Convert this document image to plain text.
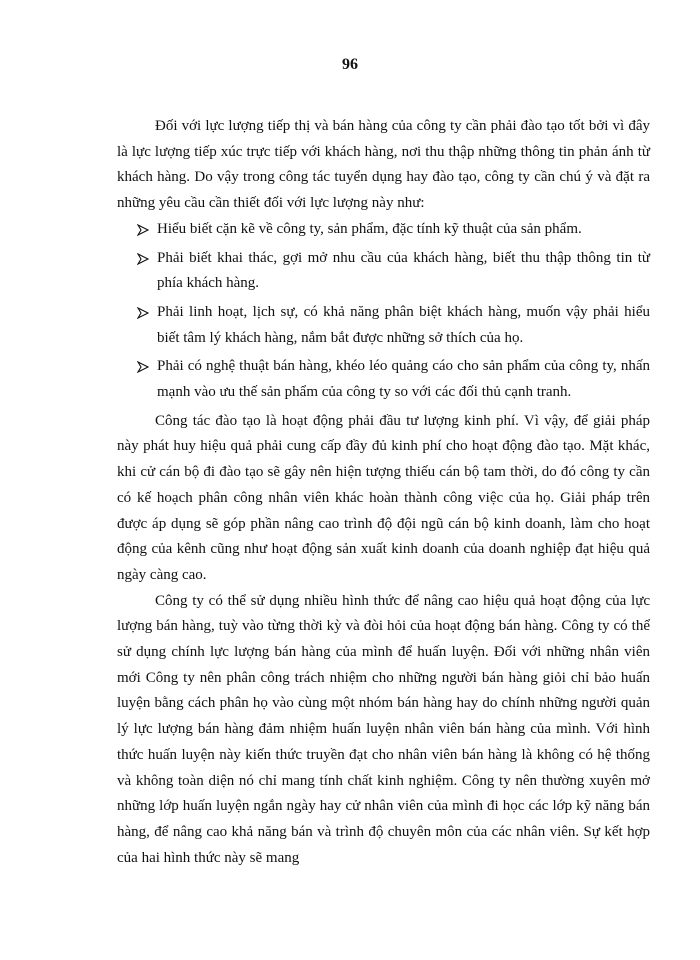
96

Đối với lực lượng tiếp thị và bán hàng của công ty cần phải đào tạo tốt bởi vì đây là lực lượng tiếp xúc trực tiếp với khách hàng, nơi thu thập những thông tin phản ánh từ khách hàng. Do vậy trong công tác tuyển dụng hay đào tạo, công ty cần chú ý và đặt ra những yêu cầu cần thiết đối với lực lượng này như:

Hiểu biết cặn kẽ về công ty, sản phẩm, đặc tính kỹ thuật của sản phẩm.
Phải biết khai thác, gợi mở nhu cầu của khách hàng, biết thu thập thông tin từ phía khách hàng.
Phải linh hoạt, lịch sự, có khả năng phân biệt khách hàng, muốn vậy phải hiểu biết tâm lý khách hàng, nắm bắt được những sở thích của họ.
Phải có nghệ thuật bán hàng, khéo léo quảng cáo cho sản phẩm của công ty, nhấn mạnh vào ưu thế sản phẩm của công ty so với các đối thủ cạnh tranh.

Công tác đào tạo là hoạt động phải đầu tư lượng kinh phí. Vì vậy, để giải pháp này phát huy hiệu quả phải cung cấp đầy đủ kinh phí cho hoạt động đào tạo. Mặt khác, khi cử cán bộ đi đào tạo sẽ gây nên hiện tượng thiếu cán bộ tam thời, do đó công ty cần có kế hoạch phân công nhân viên khác hoàn thành công việc của họ. Giải pháp trên được áp dụng sẽ góp phần nâng cao trình độ đội ngũ cán bộ kinh doanh, làm cho hoạt động của kênh cũng như hoạt động sản xuất kinh doanh của doanh nghiệp đạt hiệu quả ngày càng cao.

Công ty có thể sử dụng nhiều hình thức để nâng cao hiệu quả hoạt động của lực lượng bán hàng, tuỳ vào từng thời kỳ và đòi hỏi của hoạt động bán hàng. Công ty có thể sử dụng chính lực lượng bán hàng của mình để huấn luyện. Đối với những nhân viên mới Công ty nên phân công trách nhiệm cho những người bán hàng giỏi chỉ bảo huấn luyện bằng cách phân họ vào cùng một nhóm bán hàng hay do chính những người quản lý lực lượng bán hàng đảm nhiệm huấn luyện nhân viên bán hàng của mình. Với hình thức huấn luyện này kiến thức truyền đạt cho nhân viên bán hàng là không có hệ thống và không toàn diện nó chỉ mang tính chất kinh nghiệm. Công ty nên thường xuyên mở những lớp huấn luyện ngắn ngày hay cử nhân viên của mình đi học các lớp kỹ năng bán hàng, để nâng cao khả năng bán và trình độ chuyên môn của các nhân viên. Sự kết hợp của hai hình thức này sẽ mang
